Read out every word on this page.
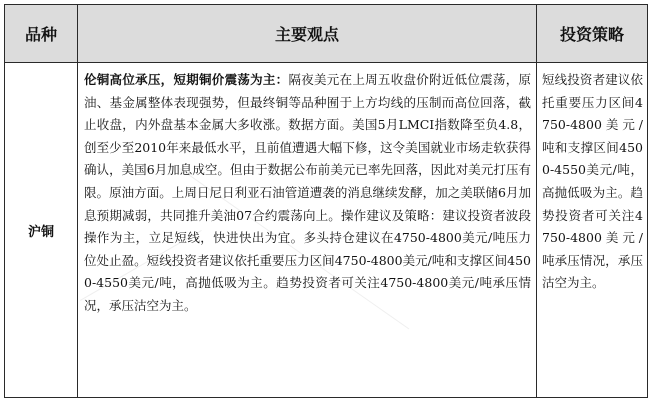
品种	主要观点	投资策略
沪铜	伦铜高位承压，短期铜价震荡为主：隔夜美元在上周五收盘价附近低位震荡，原油、基金属整体表现强势，但最终铜等品种囿于上方均线的压制而高位回落，截止收盘，内外盘基本金属大多收涨。数据方面。美国5月LMCI指数降至负4.8，创至少至2010年来最低水平，且前值遭遇大幅下修，这令美国就业市场走软获得确认，美国6月加息成空。但由于数据公布前美元已率先回落，因此对美元打压有限。原油方面。上周日尼日利亚石油管道遭袭的消息继续发酵，加之美联储6月加息预期减弱，共同推升美油07合约震荡向上。操作建议及策略：建议投资者波段操作为主，立足短线，快进快出为宜。多头持仓建议在4750-4800美元/吨压力位处止盈。短线投资者建议依托重要压力区间4750-4800美元/吨和支撑区间4500-4550美元/吨，高抛低吸为主。趋势投资者可关注4750-4800美元/吨承压情况，承压沽空为主。	短线投资者建议依托重要压力区间4750-4800美元/吨和支撑区间4500-4550美元/吨，高抛低吸为主。趋势投资者可关注4750-4800美元/吨承压情况，承压沽空为主。
